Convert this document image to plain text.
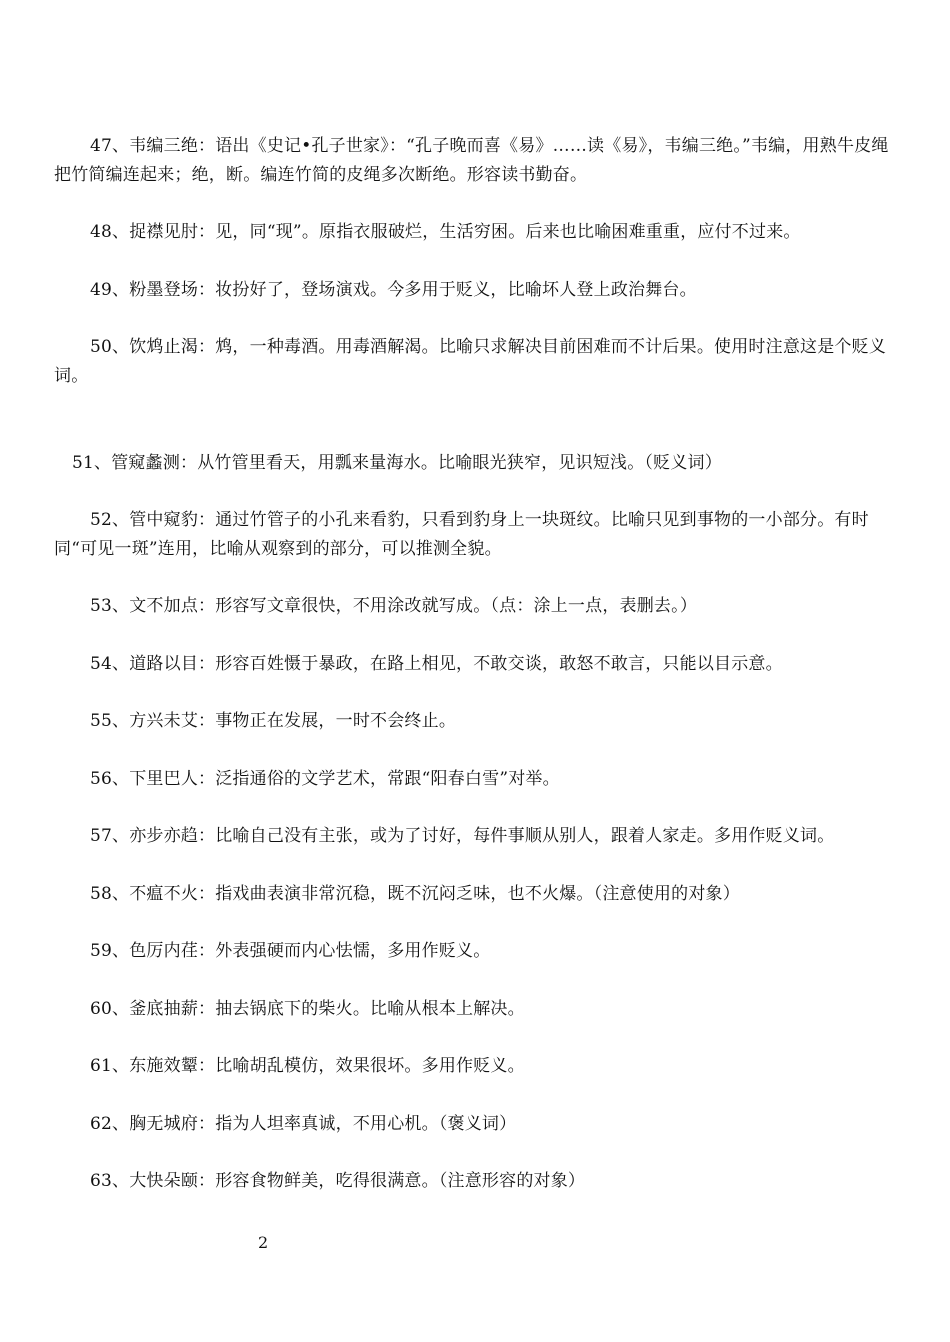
47、韦编三绝：语出《史记•孔子世家》：“孔子晚而喜《易》……读《易》，韦编三绝。”韦编，用熟牛皮绳把竹简编连起来；绝，断。编连竹简的皮绳多次断绝。形容读书勤奋。

48、捉襟见肘：见，同“现”。原指衣服破烂，生活穷困。后来也比喻困难重重，应付不过来。

49、粉墨登场：妆扮好了，登场演戏。今多用于贬义，比喻坏人登上政治舞台。

50、饮鸩止渴：鸩，一种毒酒。用毒酒解渴。比喻只求解决目前困难而不计后果。使用时注意这是个贬义词。

51、管窥蠡测：从竹管里看天，用瓢来量海水。比喻眼光狭窄，见识短浅。（贬义词）

52、管中窥豹：通过竹管子的小孔来看豹，只看到豹身上一块斑纹。比喻只见到事物的一小部分。有时同“可见一斑”连用，比喻从观察到的部分，可以推测全貌。

53、文不加点：形容写文章很快，不用涂改就写成。（点：涂上一点，表删去。）

54、道路以目：形容百姓慑于暴政，在路上相见，不敢交谈，敢怒不敢言，只能以目示意。

55、方兴未艾：事物正在发展，一时不会终止。

56、下里巴人：泛指通俗的文学艺术，常跟“阳春白雪”对举。

57、亦步亦趋：比喻自己没有主张，或为了讨好，每件事顺从别人，跟着人家走。多用作贬义词。

58、不瘟不火：指戏曲表演非常沉稳，既不沉闷乏味，也不火爆。（注意使用的对象）

59、色厉内荏：外表强硬而内心怯懦，多用作贬义。

60、釜底抽薪：抽去锅底下的柴火。比喻从根本上解决。

61、东施效颦：比喻胡乱模仿，效果很坏。多用作贬义。

62、胸无城府：指为人坦率真诚，不用心机。（褒义词）

63、大快朵颐：形容食物鲜美，吃得很满意。（注意形容的对象）

2
